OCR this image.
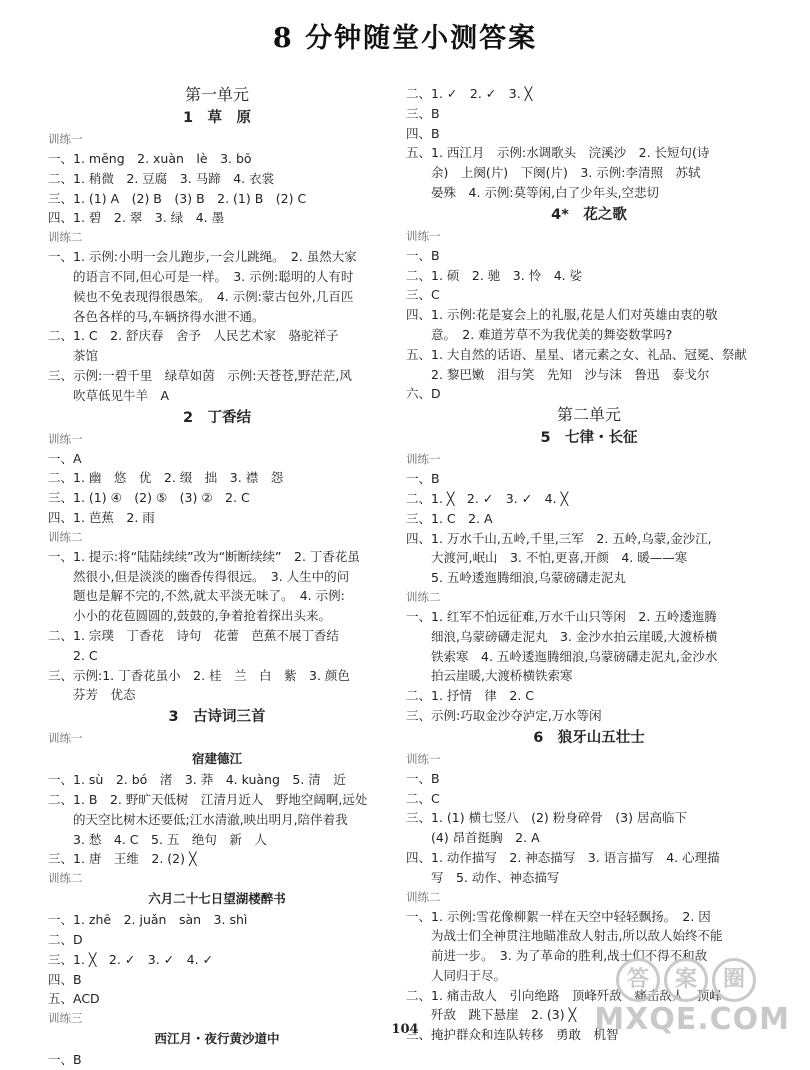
8 分钟随堂小测答案
第一单元
1　草　原
训练一
一、1. mēng　2. xuàn　lè　3. bō
二、1. 稍微　2. 豆腐　3. 马蹄　4. 衣裳
三、1. (1) A　(2) B　(3) B　2. (1) B　(2) C
四、1. 碧　2. 翠　3. 绿　4. 墨
训练二
一、1. 示例:小明一会儿跑步,一会儿跳绳。　2. 虽然大家
　　的语言不同,但心可是一样。　3. 示例:聪明的人有时
　　候也不免表现得很愚笨。　4. 示例:蒙古包外,几百匹
　　各色各样的马,车辆挤得水泄不通。
二、1. C　2. 舒庆春　舍予　人民艺术家　骆驼祥子
　　茶馆
三、示例:一碧千里　绿草如茵　示例:天苍苍,野茫茫,风
　　吹草低见牛羊　A
2　丁香结
训练一
一、A
二、1. 幽　悠　优　2. 缀　拙　3. 襟　怨
三、1. (1) ④　(2) ⑤　(3) ②　2. C
四、1. 芭蕉　2. 雨
训练二
一、1. 提示:将“陆陆续续”改为“断断续续”　2. 丁香花虽
　　然很小,但是淡淡的幽香传得很远。　3. 人生中的问
　　题也是解不完的,不然,就太平淡无味了。　4. 示例:
　　小小的花苞圆圆的,鼓鼓的,争着抢着探出头来。
二、1. 宗璞　丁香花　诗句　花蕾　芭蕉不展丁香结
　　2. C
三、示例:1. 丁香花虽小　2. 桂　兰　白　紫　3. 颜色
　　芬芳　优态
3　古诗词三首
训练一
宿建德江
一、1. sù　2. bó　渚　3. 莽　4. kuàng　5. 清　近
二、1. B　2. 野旷天低树　江清月近人　野地空阔啊,远处
　　的天空比树木还要低;江水清澈,映出明月,陪伴着我
　　3. 愁　4. C　5. 五　绝句　新　人
三、1. 唐　王维　2. (2) ╳
训练二
六月二十七日望湖楼醉书
一、1. zhē　2. juǎn　sàn　3. shì
二、D
三、1. ╳　2. ✓　3. ✓　4. ✓
四、B
五、ACD
训练三
西江月・夜行黄沙道中
一、B
二、1. ✓　2. ✓　3. ╳
三、B
四、B
五、1. 西江月　示例:水调歌头　浣溪沙　2. 长短句(诗
　　余)　上阕(片)　下阕(片)　3. 示例:李清照　苏轼
　　晏殊　4. 示例:莫等闲,白了少年头,空悲切
4*　花之歌
训练一
一、B
二、1. 硕　2. 驰　3. 怜　4. 娑
三、C
四、1. 示例:花是宴会上的礼服,花是人们对英雄由衷的敬
　　意。　2. 难道芳草不为我优美的舞姿数掌吗?
五、1. 大自然的话语、星星、诸元素之女、礼品、冠冕、祭献
　　2. 黎巴嫩　泪与笑　先知　沙与沫　鲁迅　泰戈尔
六、D
第二单元
5　七律・长征
训练一
一、B
二、1. ╳　2. ✓　3. ✓　4. ╳
三、1. C　2. A
四、1. 万水千山,五岭,千里,三军　2. 五岭,乌蒙,金沙江,
　　大渡河,岷山　3. 不怕,更喜,开颜　4. 暖——寒
　　5. 五岭逶迤腾细浪,乌蒙磅礴走泥丸
训练二
一、1. 红军不怕远征难,万水千山只等闲　2. 五岭逶迤腾
　　细浪,乌蒙磅礴走泥丸　3. 金沙水拍云崖暖,大渡桥横
　　铁索寒　4. 五岭逶迤腾细浪,乌蒙磅礴走泥丸,金沙水
　　拍云崖暖,大渡桥横铁索寒
二、1. 抒情　律　2. C
三、示例:巧取金沙夺泸定,万水等闲
6　狼牙山五壮士
训练一
一、B
二、C
三、1. (1) 横七竖八　(2) 粉身碎骨　(3) 居高临下
　　(4) 昂首挺胸　2. A
四、1. 动作描写　2. 神态描写　3. 语言描写　4. 心理描
　　写　5. 动作、神态描写
训练二
一、1. 示例:雪花像柳絮一样在天空中轻轻飘扬。　2. 因
　　为战士们全神贯注地瞄准敌人射击,所以敌人始终不能
　　前进一步。　3. 为了革命的胜利,战士们不得不和敌
　　人同归于尽。
二、1. 痛击敌人　引向绝路　顶峰歼敌　痛击敌人　顶峰
　　歼敌　跳下悬崖　2. (3) ╳
三、掩护群众和连队转移　勇敢　机智
104
答	案	圈
MXQE.COM
